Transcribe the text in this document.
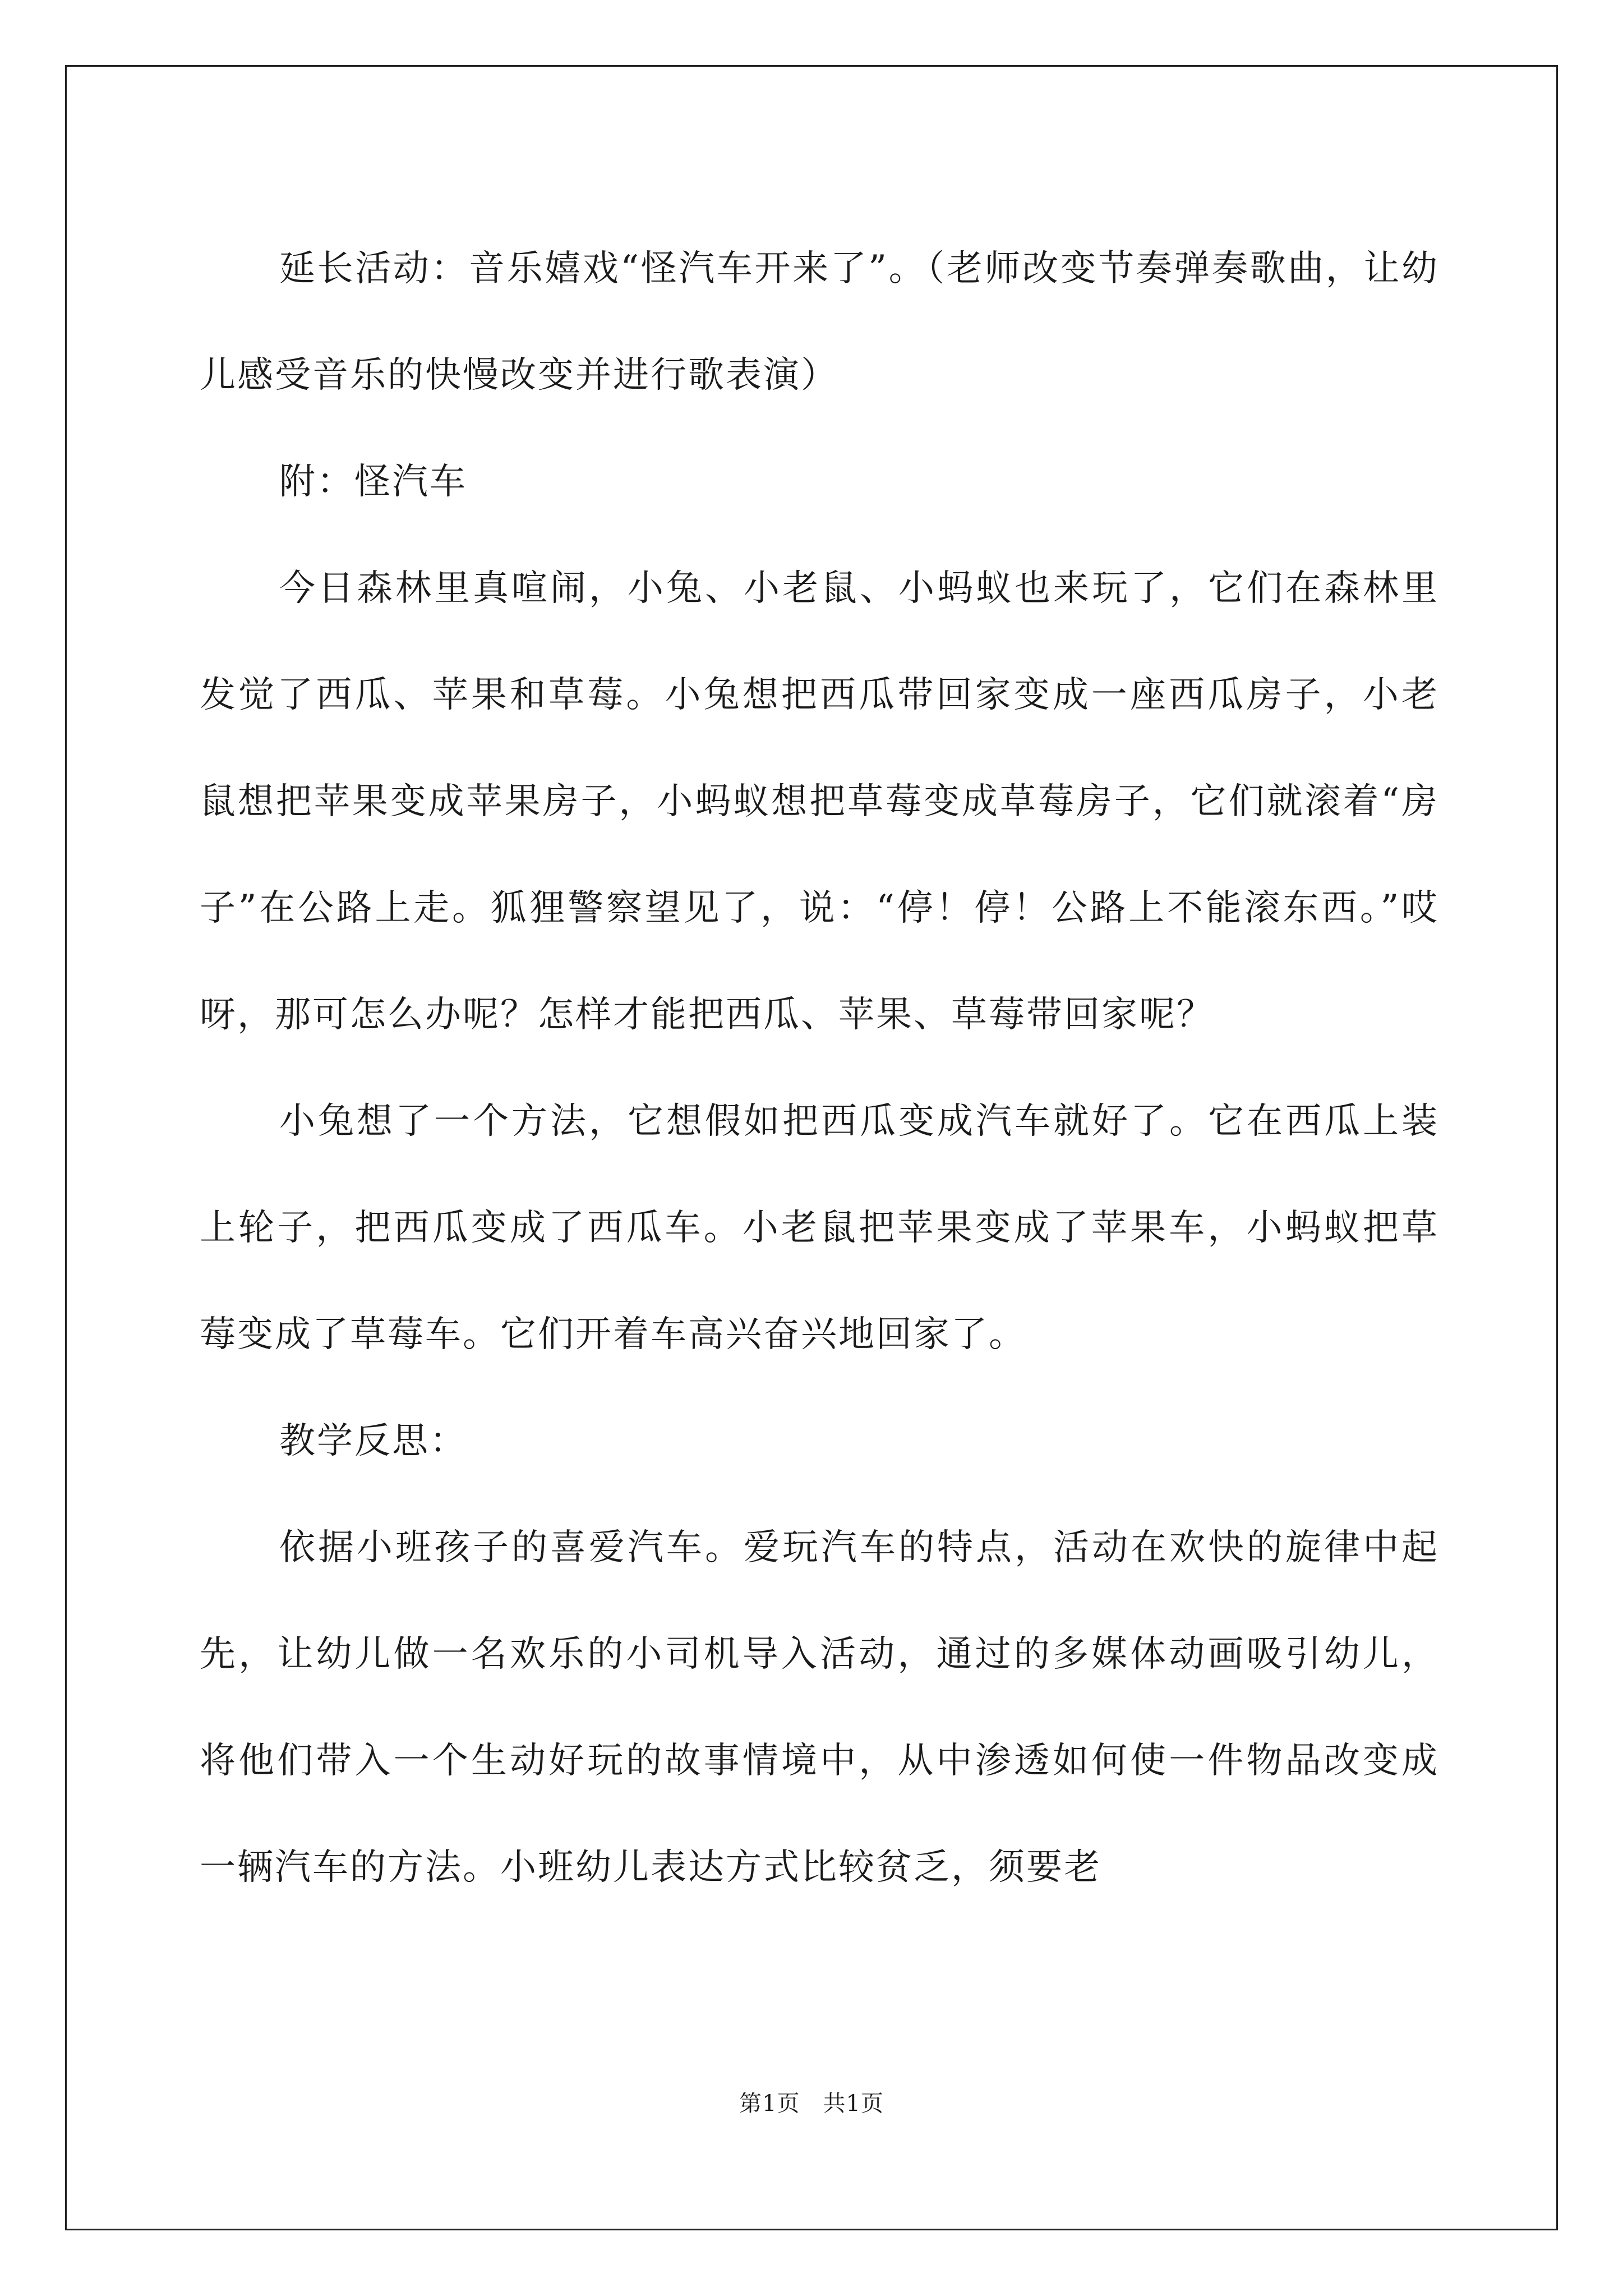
延长活动：音乐嬉戏“怪汽车开来了”。（老师改变节奏弹奏歌曲，让幼儿感受音乐的快慢改变并进行歌表演）

附：怪汽车

今日森林里真喧闹，小兔、小老鼠、小蚂蚁也来玩了，它们在森林里发觉了西瓜、苹果和草莓。小兔想把西瓜带回家变成一座西瓜房子，小老鼠想把苹果变成苹果房子，小蚂蚁想把草莓变成草莓房子，它们就滚着“房子”在公路上走。狐狸警察望见了，说：“停！停！公路上不能滚东西。”哎呀，那可怎么办呢？怎样才能把西瓜、苹果、草莓带回家呢？

小兔想了一个方法，它想假如把西瓜变成汽车就好了。它在西瓜上装上轮子，把西瓜变成了西瓜车。小老鼠把苹果变成了苹果车，小蚂蚁把草莓变成了草莓车。它们开着车高兴奋兴地回家了。

教学反思：

依据小班孩子的喜爱汽车。爱玩汽车的特点，活动在欢快的旋律中起先，让幼儿做一名欢乐的小司机导入活动，通过的多媒体动画吸引幼儿，将他们带入一个生动好玩的故事情境中，从中渗透如何使一件物品改变成一辆汽车的方法。小班幼儿表达方式比较贫乏，须要老

第1页　共1页
